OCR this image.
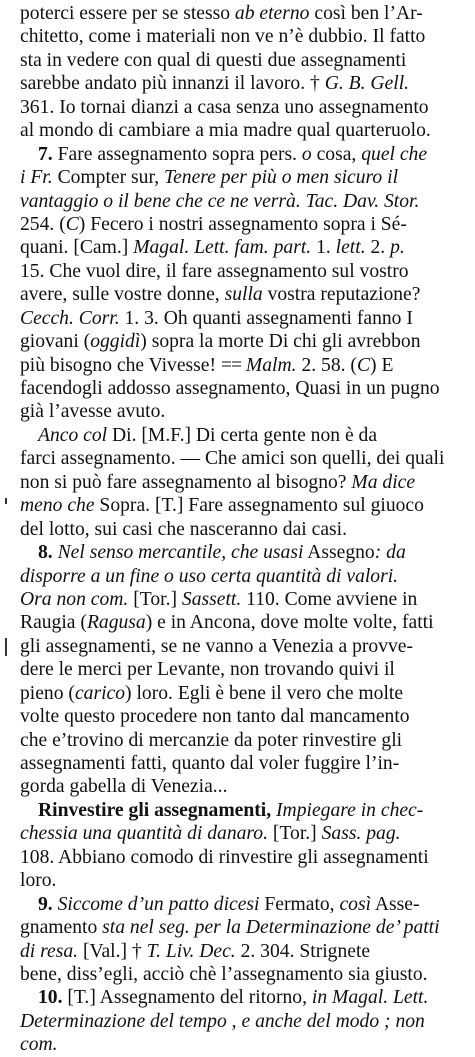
poterci essere per se stesso ab eterno così ben l’Ar-
chitetto, come i materiali non ve n’è dubbio. Il fatto
sta in vedere con qual di questi due assegnamenti
sarebbe andato più innanzi il lavoro. † G. B. Gell.
361. Io tornai dianzi a casa senza uno assegnamento
al mondo di cambiare a mia madre qual quarteruolo.
7. Fare assegnamento sopra pers. o cosa, quel che
i Fr. Compter sur, Tenere per più o men sicuro il
vantaggio o il bene che ce ne verrà. Tac. Dav. Stor.
254. (C) Fecero i nostri assegnamento sopra i Sé-
quani. [Cam.] Magal. Lett. fam. part. 1. lett. 2. p.
15. Che vuol dire, il fare assegnamento sul vostro
avere, sulle vostre donne, sulla vostra reputazione?
Cecch. Corr. 1. 3. Oh quanti assegnamenti fanno I
giovani (oggidì) sopra la morte Di chi gli avrebbon
più bisogno che Vivesse! == Malm. 2. 58. (C) E
facendogli addosso assegnamento, Quasi in un pugno
già l’avesse avuto.
Anco col Di. [M.F.] Di certa gente non è da
farci assegnamento. — Che amici son quelli, dei quali
non si può fare assegnamento al bisogno? Ma dice
meno che Sopra. [T.] Fare assegnamento sul giuoco
del lotto, sui casi che nasceranno dai casi.
8. Nel senso mercantile, che usasi Assegno: da
disporre a un fine o uso certa quantità di valori.
Ora non com. [Tor.] Sassett. 110. Come avviene in
Raugia (Ragusa) e in Ancona, dove molte volte, fatti
gli assegnamenti, se ne vanno a Venezia a provve-
dere le merci per Levante, non trovando quivi il
pieno (carico) loro. Egli è bene il vero che molte
volte questo procedere non tanto dal mancamento
che e’trovino di mercanzie da poter rinvestire gli
assegnamenti fatti, quanto dal voler fuggire l’in-
gorda gabella di Venezia...
Rinvestire gli assegnamenti, Impiegare in chec-
chessia una quantità di danaro. [Tor.] Sass. pag.
108. Abbiano comodo di rinvestire gli assegnamenti
loro.
9. Siccome d’un patto dicesi Fermato, così Asse-
gnamento sta nel seg. per la Determinazione de’ patti
di resa. [Val.] † T. Liv. Dec. 2. 304. Strignete
bene, diss’egli, acciò chè l’assegnamento sia giusto.
10. [T.] Assegnamento del ritorno, in Magal. Lett.
Determinazione del tempo , e anche del modo ; non
com.
